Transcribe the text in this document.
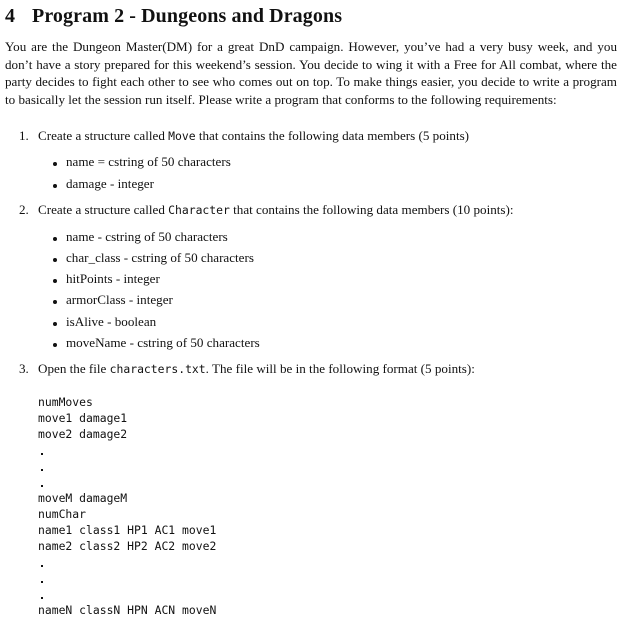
4 Program 2 - Dungeons and Dragons
You are the Dungeon Master(DM) for a great DnD campaign. However, you’ve had a very busy week, and you don’t have a story prepared for this weekend’s session. You decide to wing it with a Free for All combat, where the party decides to fight each other to see who comes out on top. To make things easier, you decide to write a program to basically let the session run itself. Please write a program that conforms to the following requirements:
1. Create a structure called Move that contains the following data members (5 points)
name = cstring of 50 characters
damage - integer
2. Create a structure called Character that contains the following data members (10 points):
name - cstring of 50 characters
char_class - cstring of 50 characters
hitPoints - integer
armorClass - integer
isAlive - boolean
moveName - cstring of 50 characters
3. Open the file characters.txt. The file will be in the following format (5 points):
numMoves
move1 damage1
move2 damage2
moveM damageM
numChar
name1 class1 HP1 AC1 move1
name2 class2 HP2 AC2 move2
nameN classN HPN ACN moveN
